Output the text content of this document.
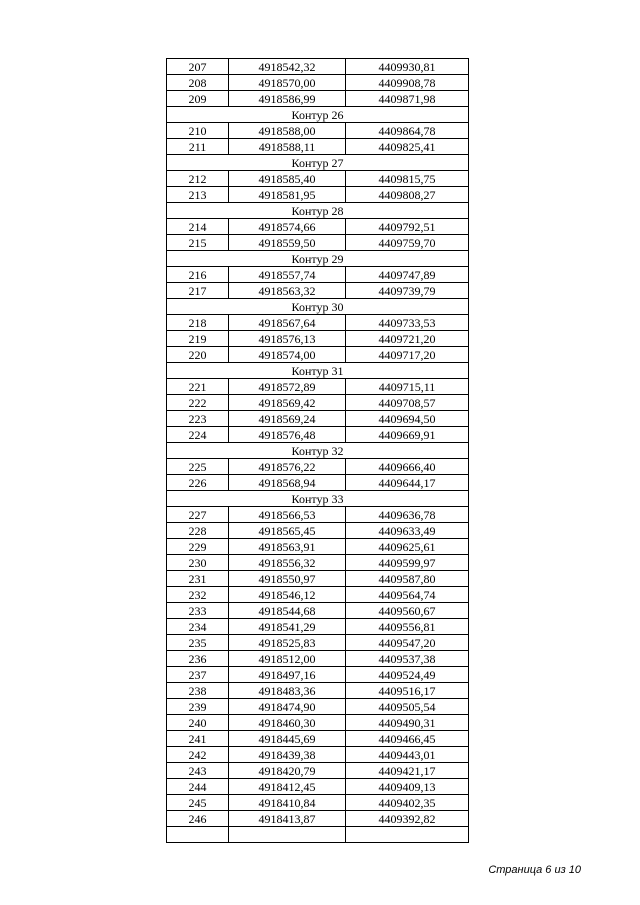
207	4918542,32	4409930,81
208	4918570,00	4409908,78
209	4918586,99	4409871,98
Контур 26		
210	4918588,00	4409864,78
211	4918588,11	4409825,41
Контур 27		
212	4918585,40	4409815,75
213	4918581,95	4409808,27
Контур 28		
214	4918574,66	4409792,51
215	4918559,50	4409759,70
Контур 29		
216	4918557,74	4409747,89
217	4918563,32	4409739,79
Контур 30		
218	4918567,64	4409733,53
219	4918576,13	4409721,20
220	4918574,00	4409717,20
Контур 31		
221	4918572,89	4409715,11
222	4918569,42	4409708,57
223	4918569,24	4409694,50
224	4918576,48	4409669,91
Контур 32		
225	4918576,22	4409666,40
226	4918568,94	4409644,17
Контур 33		
227	4918566,53	4409636,78
228	4918565,45	4409633,49
229	4918563,91	4409625,61
230	4918556,32	4409599,97
231	4918550,97	4409587,80
232	4918546,12	4409564,74
233	4918544,68	4409560,67
234	4918541,29	4409556,81
235	4918525,83	4409547,20
236	4918512,00	4409537,38
237	4918497,16	4409524,49
238	4918483,36	4409516,17
239	4918474,90	4409505,54
240	4918460,30	4409490,31
241	4918445,69	4409466,45
242	4918439,38	4409443,01
243	4918420,79	4409421,17
244	4918412,45	4409409,13
245	4918410,84	4409402,35
246	4918413,87	4409392,82

Страница 6 из 10
